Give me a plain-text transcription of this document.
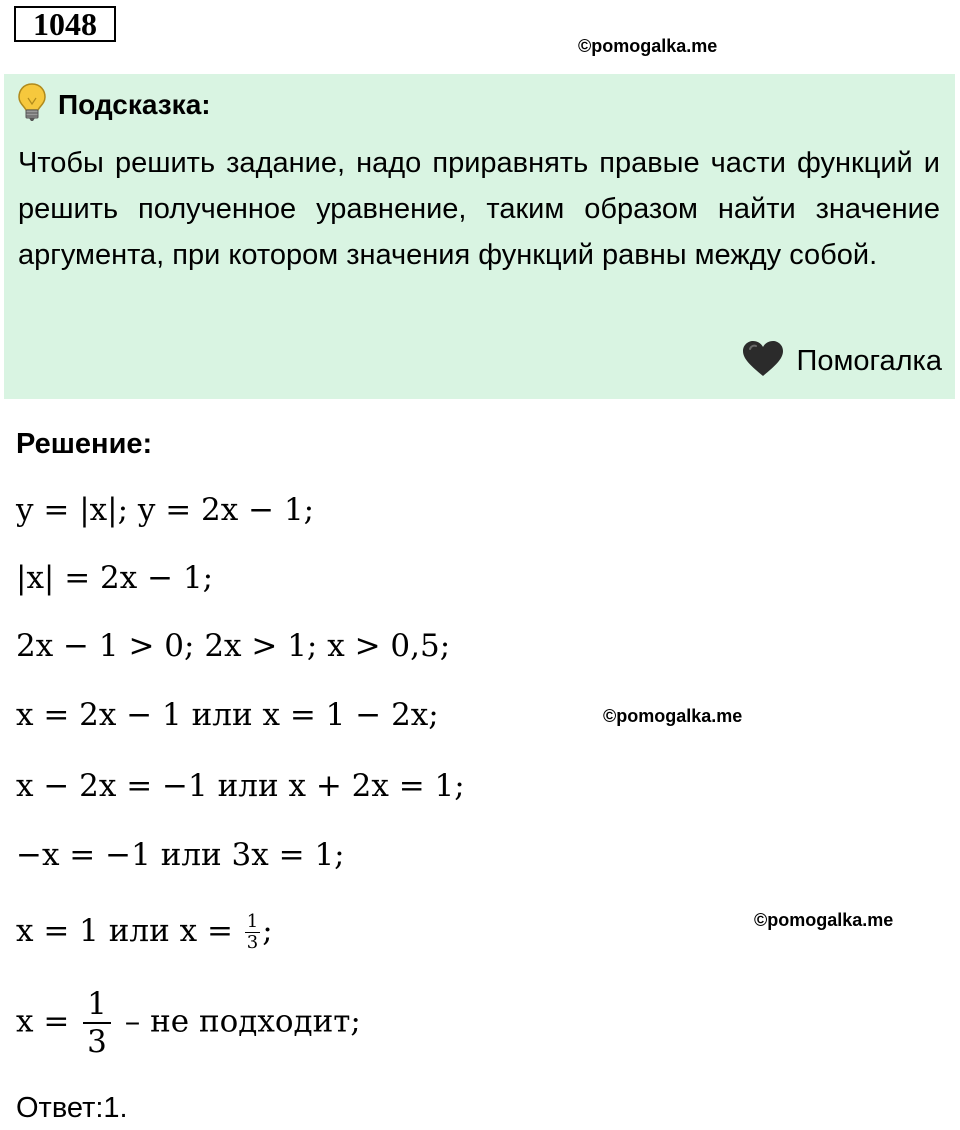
1048
©pomogalka.me
Подсказка:
Чтобы решить задание, надо приравнять правые части функций и решить полученное уравнение, таким образом найти значение аргумента, при котором значения функций равны между собой.
Помогалка
Решение:
y = |x|; y = 2x − 1;
|x| = 2x − 1;
2x − 1 > 0; 2x > 1; x > 0,5;
x = 2x − 1 или x = 1 − 2x;	©pomogalka.me
x − 2x = −1 или x + 2x = 1;
−x = −1 или 3x = 1;
x = 1 или $x = \frac{1}{3}$ ;	©pomogalka.me
$x = \frac{1}{3}$ – не подходит;
Ответ:1.
